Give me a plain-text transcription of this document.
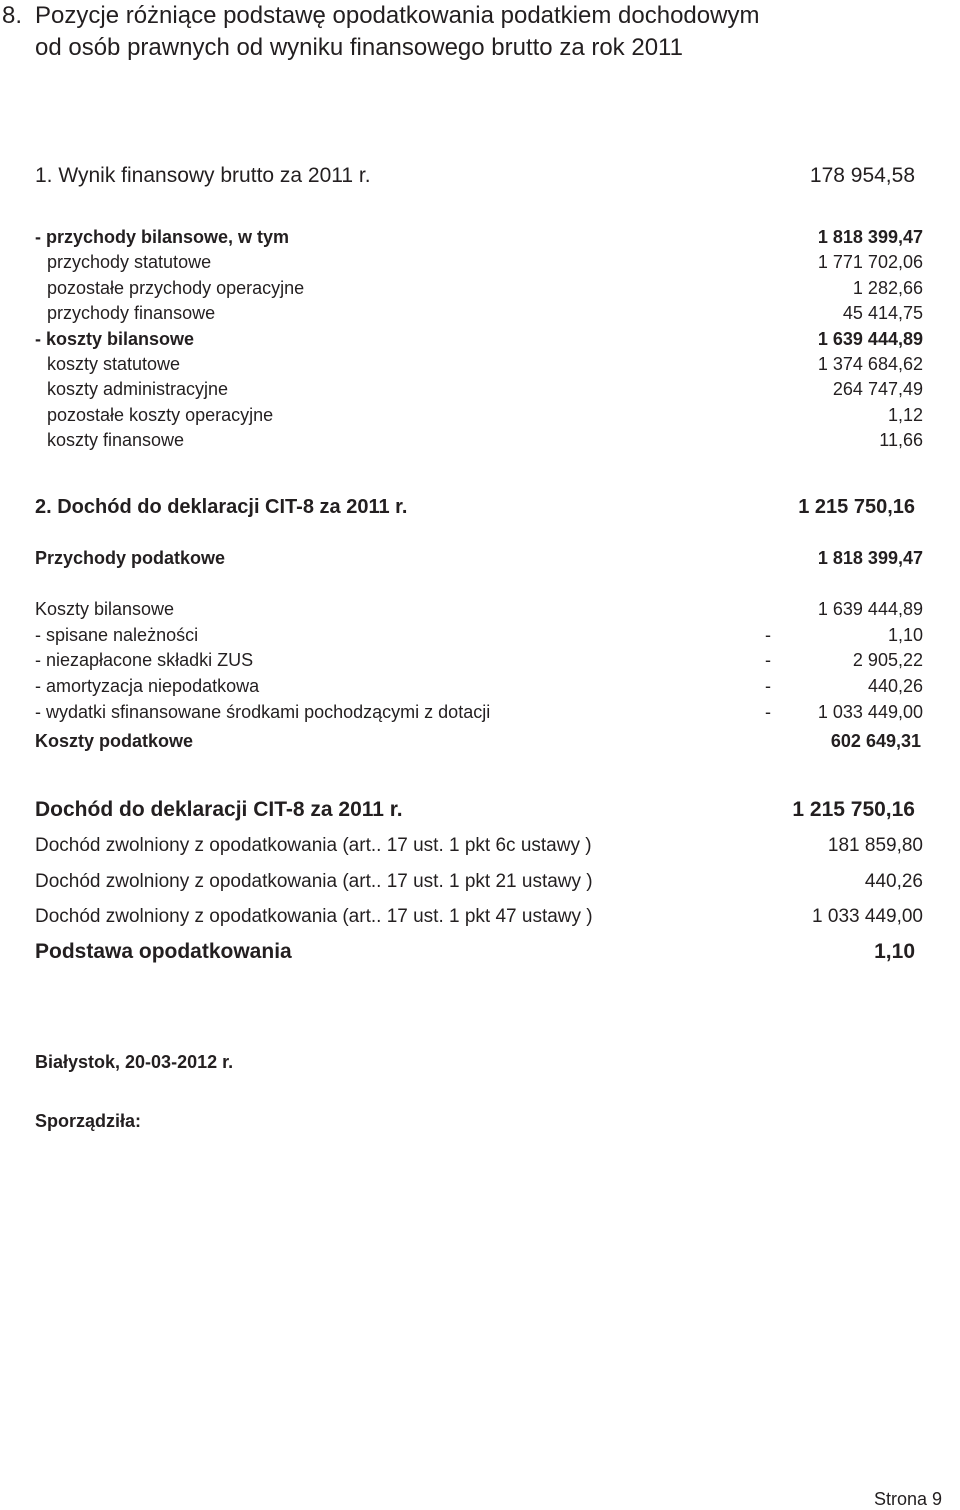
8. Pozycje różniące podstawę opodatkowania podatkiem dochodowym
od osób prawnych od wyniku finansowego brutto za rok 2011
1. Wynik finansowy brutto za 2011 r.	178 954,58
- przychody bilansowe, w tym	1 818 399,47
przychody statutowe	1 771 702,06
pozostałe przychody operacyjne	1 282,66
przychody finansowe	45 414,75
- koszty bilansowe	1 639 444,89
koszty statutowe	1 374 684,62
koszty administracyjne	264 747,49
pozostałe koszty operacyjne	1,12
koszty finansowe	11,66
2. Dochód do deklaracji CIT-8 za 2011 r.	1 215 750,16
Przychody podatkowe	1 818 399,47
Koszty bilansowe	1 639 444,89
- spisane należności	-	1,10
- niezapłacone składki ZUS	-	2 905,22
- amortyzacja niepodatkowa	-	440,26
- wydatki sfinansowane środkami pochodzącymi z dotacji	-	1 033 449,00
Koszty podatkowe	602 649,31
Dochód do deklaracji CIT-8 za 2011 r.	1 215 750,16
Dochód zwolniony z opodatkowania (art.. 17 ust. 1 pkt 6c ustawy )	181 859,80
Dochód zwolniony z opodatkowania (art.. 17 ust. 1 pkt 21 ustawy )	440,26
Dochód zwolniony z opodatkowania (art.. 17 ust. 1 pkt 47 ustawy )	1 033 449,00
Podstawa opodatkowania	1,10
Białystok, 20-03-2012 r.
Sporządziła:
Strona 9
